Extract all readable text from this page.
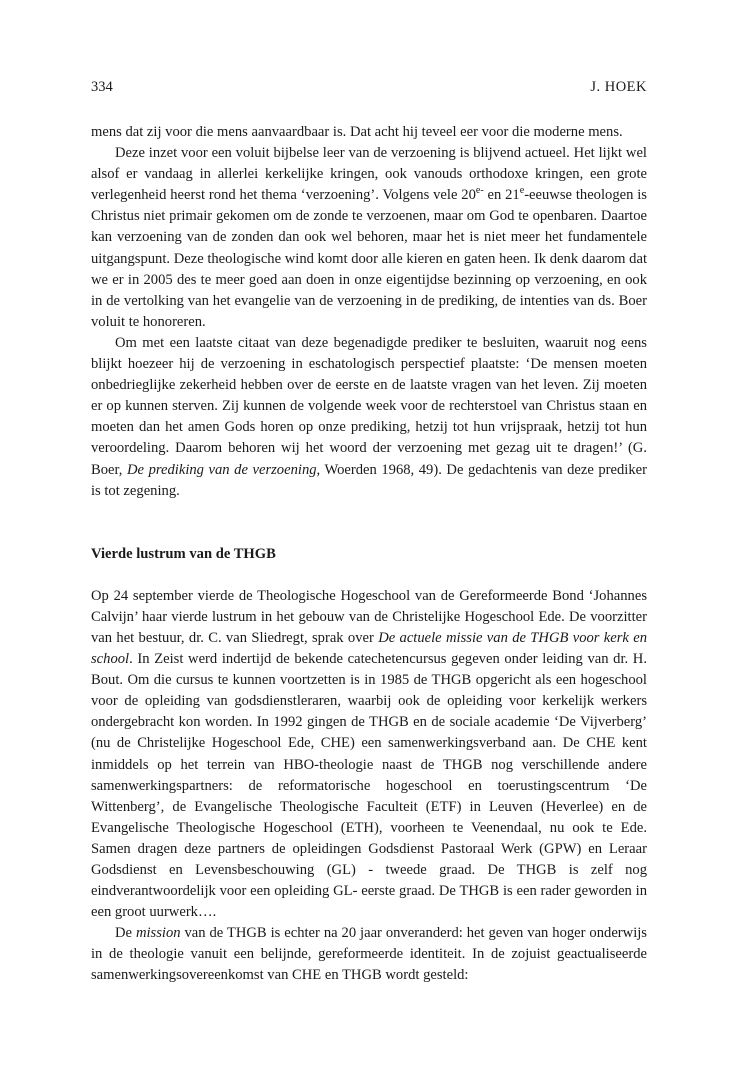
334	J. HOEK

mens dat zij voor die mens aanvaardbaar is. Dat acht hij teveel eer voor die moderne mens.

Deze inzet voor een voluit bijbelse leer van de verzoening is blijvend actueel. Het lijkt wel alsof er vandaag in allerlei kerkelijke kringen, ook vanouds orthodoxe kringen, een grote verlegenheid heerst rond het thema ‘verzoening’. Volgens vele $20^{e-}$ en 21e-eeuwse theologen is Christus niet primair gekomen om de zonde te verzoenen, maar om God te openbaren. Daartoe kan verzoening van de zonden dan ook wel behoren, maar het is niet meer het fundamentele uitgangspunt. Deze theologische wind komt door alle kieren en gaten heen. Ik denk daarom dat we er in 2005 des te meer goed aan doen in onze eigentijdse bezinning op verzoening, en ook in de vertolking van het evangelie van de verzoening in de prediking, de intenties van ds. Boer voluit te honoreren.

Om met een laatste citaat van deze begenadigde prediker te besluiten, waaruit nog eens blijkt hoezeer hij de verzoening in eschatologisch perspectief plaatste: ‘De mensen moeten onbedrieglijke zekerheid hebben over de eerste en de laatste vragen van het leven. Zij moeten er op kunnen sterven. Zij kunnen de volgende week voor de rechterstoel van Christus staan en moeten dan het amen Gods horen op onze prediking, hetzij tot hun vrijspraak, hetzij tot hun veroordeling. Daarom behoren wij het woord der verzoening met gezag uit te dragen!’ (G. Boer, De prediking van de verzoening, Woerden 1968, 49). De gedachtenis van deze prediker is tot zegening.

Vierde lustrum van de THGB

Op 24 september vierde de Theologische Hogeschool van de Gereformeerde Bond ‘Johannes Calvijn’ haar vierde lustrum in het gebouw van de Christelijke Hogeschool Ede. De voorzitter van het bestuur, dr. C. van Sliedregt, sprak over De actuele missie van de THGB voor kerk en school. In Zeist werd indertijd de bekende catechetencursus gegeven onder leiding van dr. H. Bout. Om die cursus te kunnen voortzetten is in 1985 de THGB opgericht als een hogeschool voor de opleiding van godsdienstleraren, waarbij ook de opleiding voor kerkelijk werkers ondergebracht kon worden. In 1992 gingen de THGB en de sociale academie ‘De Vijverberg’ (nu de Christelijke Hogeschool Ede, CHE) een samenwerkingsverband aan. De CHE kent inmiddels op het terrein van HBO-theologie naast de THGB nog verschillende andere samenwerkingspartners: de reformatorische hogeschool en toerustingscentrum ‘De Wittenberg’, de Evangelische Theologische Faculteit (ETF) in Leuven (Heverlee) en de Evangelische Theologische Hogeschool (ETH), voorheen te Veenendaal, nu ook te Ede. Samen dragen deze partners de opleidingen Godsdienst Pastoraal Werk (GPW) en Leraar Godsdienst en Levensbeschouwing (GL) - tweede graad. De THGB is zelf nog eindverantwoordelijk voor een opleiding GL- eerste graad. De THGB is een rader geworden in een groot uurwerk….

De mission van de THGB is echter na 20 jaar onveranderd: het geven van hoger onderwijs in de theologie vanuit een belijnde, gereformeerde identiteit. In de zojuist geactualiseerde samenwerkingsovereenkomst van CHE en THGB wordt gesteld:
